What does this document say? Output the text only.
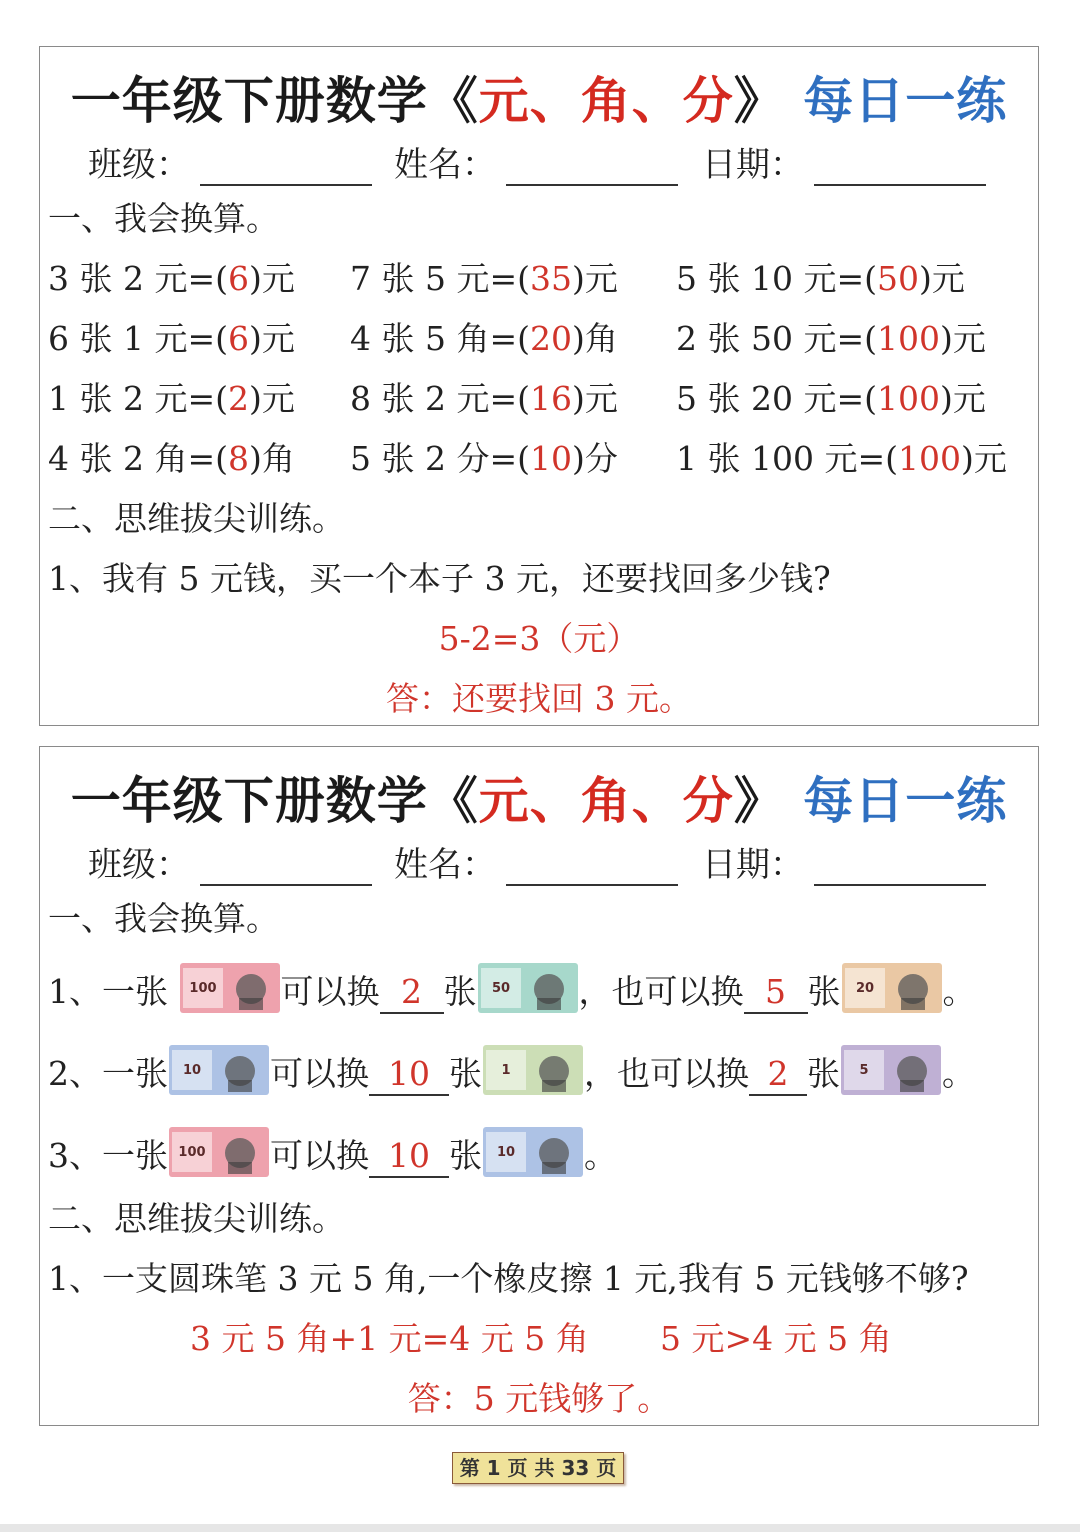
一年级下册数学《元、角、分》 每日一练
班级：	姓名：	日期：
一、我会换算。
3 张 2 元=(6)元 7 张 5 元=(35)元 5 张 10 元=(50)元
6 张 1 元=(6)元 4 张 5 角=(20)角 2 张 50 元=(100)元
1 张 2 元=(2)元 8 张 2 元=(16)元 5 张 20 元=(100)元
4 张 2 角=(8)角 5 张 2 分=(10)分 1 张 100 元=(100)元
二、思维拔尖训练。
1、我有 5 元钱，买一个本子 3 元，还要找回多少钱?
5-2=3（元）
答：还要找回 3 元。
一年级下册数学《元、角、分》 每日一练
班级：	姓名：	日期：
一、我会换算。
1、一张 100 可以换 2 张 50 ，也可以换 5 张 20 。
2、一张 10 可以换 10 张 1 ，也可以换 2 张 5 。
3、一张 100 可以换 10 张 10 。
二、思维拔尖训练。
1、一支圆珠笔 3 元 5 角,一个橡皮擦 1 元,我有 5 元钱够不够?
3 元 5 角+1 元=4 元 5 角 5 元>4 元 5 角
答：5 元钱够了。
第 1 页 共 33 页
